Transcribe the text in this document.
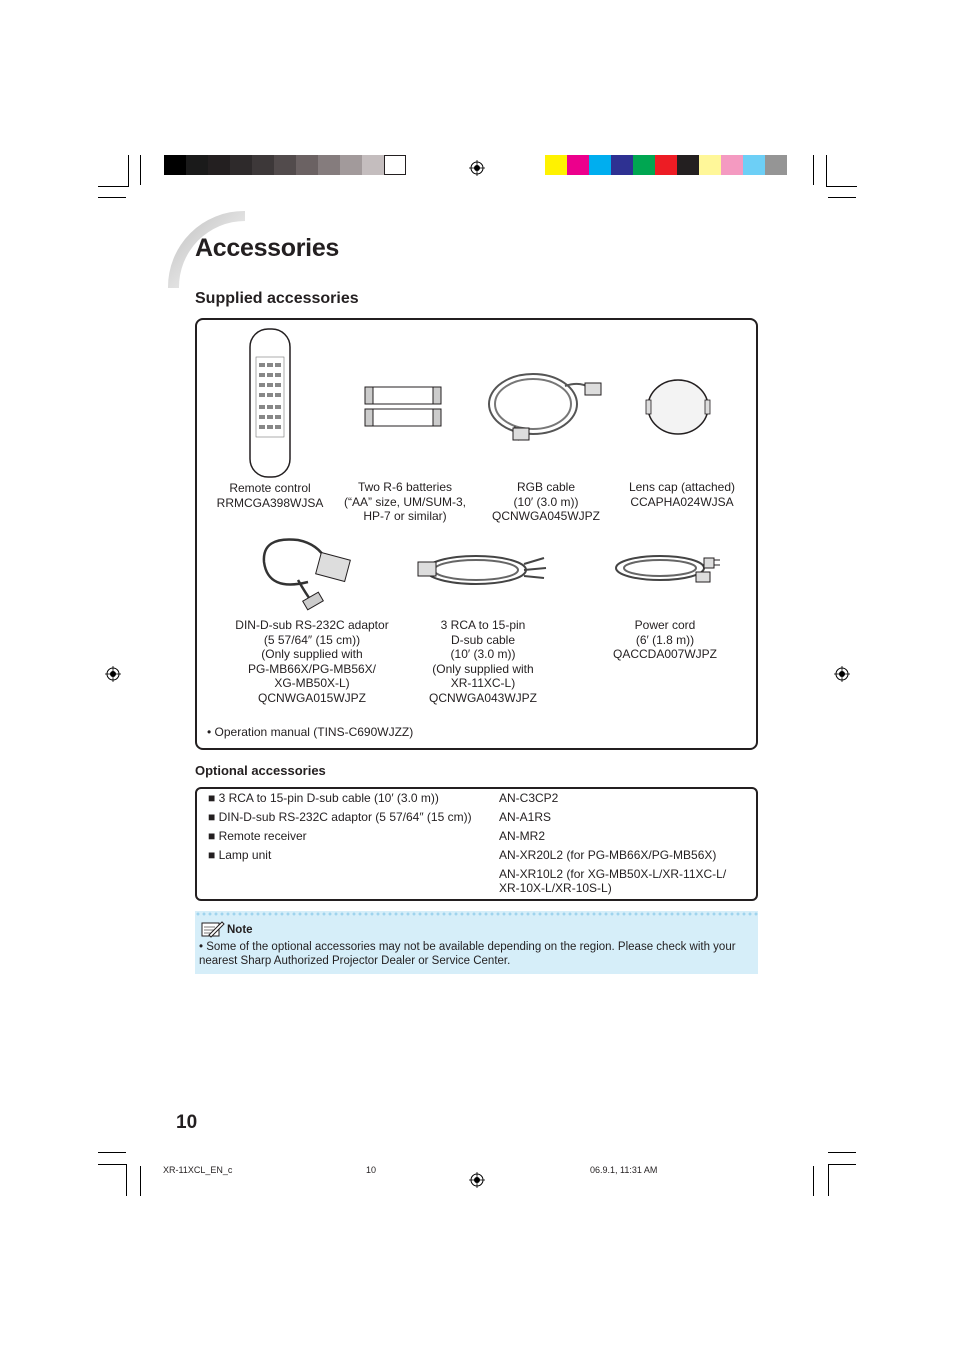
Accessories
Supplied accessories
Remote control
RRMCGA398WJSA
Two R-6 batteries
(“AA” size, UM/SUM-3,
HP-7 or similar)
RGB cable
(10′ (3.0 m))
QCNWGA045WJPZ
Lens cap (attached)
CCAPHA024WJSA
DIN-D-sub RS-232C adaptor
(5 57/64″ (15 cm))
(Only supplied with
PG-MB66X/PG-MB56X/
XG-MB50X-L)
QCNWGA015WJPZ
3 RCA to 15-pin
D-sub cable
(10′ (3.0 m))
(Only supplied with
XR-11XC-L)
QCNWGA043WJPZ
Power cord
(6′ (1.8 m))
QACCDA007WJPZ
• Operation manual (TINS-C690WJZZ)
Optional accessories
■ 3 RCA to 15-pin D-sub cable (10′ (3.0 m))	AN-C3CP2
■ DIN-D-sub RS-232C adaptor (5 57/64″ (15 cm)) AN-A1RS
■ Remote receiver	AN-MR2
■ Lamp unit	AN-XR20L2 (for PG-MB66X/PG-MB56X)
AN-XR10L2 (for XG-MB50X-L/XR-11XC-L/
XR-10X-L/XR-10S-L)
Note
• Some of the optional accessories may not be available depending on the region. Please check with your nearest Sharp Authorized Projector Dealer or Service Center.
10
XR-11XCL_EN_c	10	06.9.1, 11:31 AM
